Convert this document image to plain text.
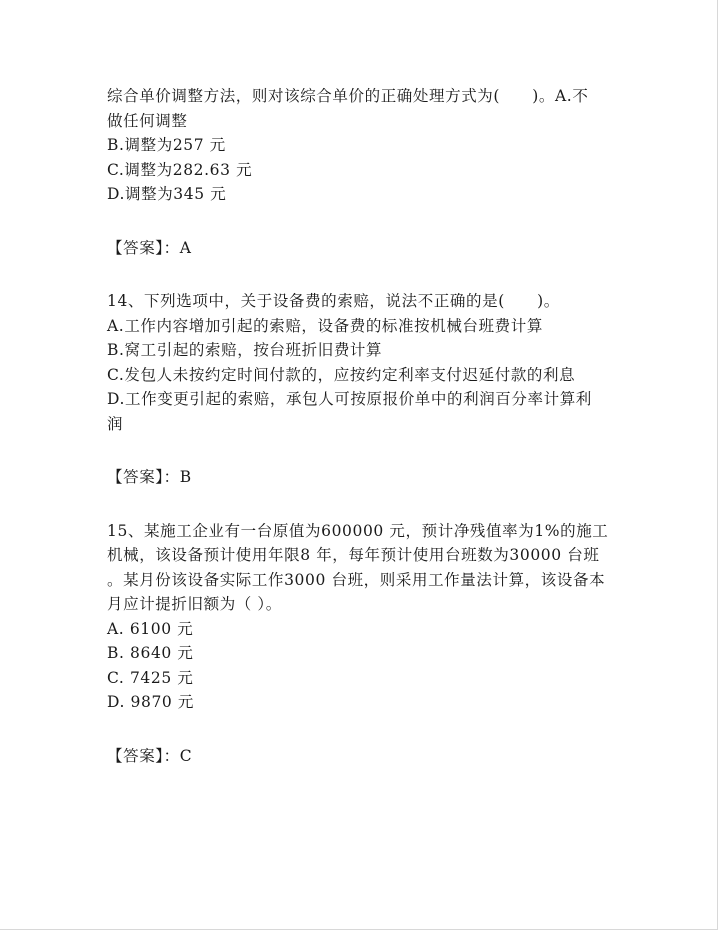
综合单价调整方法，则对该综合单价的正确处理方式为(　　)。A.不
做任何调整
B.调整为257 元
C.调整为282.63 元
D.调整为345 元
【答案】：A
14、下列选项中，关于设备费的索赔，说法不正确的是(　　)。
A.工作内容增加引起的索赔，设备费的标准按机械台班费计算
B.窝工引起的索赔，按台班折旧费计算
C.发包人未按约定时间付款的，应按约定利率支付迟延付款的利息
D.工作变更引起的索赔，承包人可按原报价单中的利润百分率计算利
润
【答案】：B
15、某施工企业有一台原值为600000 元，预计净残值率为1%的施工
机械，该设备预计使用年限8 年，每年预计使用台班数为30000 台班
。某月份该设备实际工作3000 台班，则采用工作量法计算，该设备本
月应计提折旧额为（ ）。
A. 6100 元
B. 8640 元
C. 7425 元
D. 9870 元
【答案】：C
